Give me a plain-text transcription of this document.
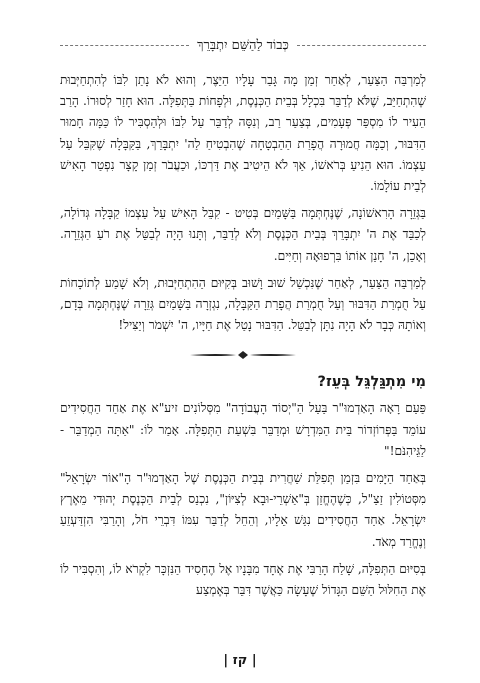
כְּבוֹד לַהַשֵּׁם יִתְבָּרֵךְ

לְמַרְבֵּה הַצַּעַר, לְאַחַר זְמַן מָה גָּבַר עָלָיו הַיֵּצֶר, וְהוּא לֹא נָתַן לִבּוֹ לְהִתְחַיְּבוּת שֶׁהִתְחַיֵּב, שֶׁלֹּא לְדַבֵּר בִּכְלָל בְּבֵית הַכְּנֶסֶת, וּלְפָחוֹת בַּתְּפִלָּה. הוּא חָזַר לְסוּרוֹ. הָרַב הֵעִיר לוֹ מִסְפַּר פְּעָמִים, בְּצַעַר רַב, וְנִסָּה לְדַבֵּר עַל לִבּוֹ וּלְהַסְבִּיר לוֹ כַּמָּה חָמוּר הַדִּבּוּר, וְכַמָּה חֲמוּרָה הֲפָרַת הַהַבְטָחָה שֶׁהִבְטִיחַ לַה' יִתְבָּרֵךְ, בַּקַּבָּלָה שֶׁקִּבֵּל עַל עַצְמוֹ. הוּא הֵנִיעַ בְּרֹאשׁוֹ, אַךְ לֹא הֵיטִיב אֶת דַּרְכּוֹ, וּכַעֲבֹר זְמַן קָצָר נִפְטַר הָאִישׁ לְבֵית עוֹלָמוֹ.

בַּגְּזֵרָה הָרִאשׁוֹנָה, שֶׁנֶּחְתְּמָה בַּשָּׁמַיִם בְּטִיט - קִבֵּל הָאִישׁ עַל עַצְמוֹ קַבָּלָה גְּדוֹלָה, לְכַבֵּד אֶת ה' יִתְבָּרֵךְ בְּבֵית הַכְּנֶסֶת וְלֹא לְדַבֵּר, וְתָּנוּ הָיָה לְבַטֵּל אֶת רֹעַ הַגְּזֵרָה. וְאָכֵן, ה' חָנַן אוֹתוֹ בִּרְפוּאָה וְחַיִּים.

לְמַרְבֵּה הַצַּעַר, לְאַחַר שֶׁנִּכְשַׁל שׁוּב וָשׁוּב בְּקִיּוּם הַהִתְחַיְּבוּת, וְלֹא שָׁמַע לְתוֹכָחוֹת עַל חֻמְרַת הַדִּבּוּר וְעַל חֻמְרַת הֲפָרַת הַקַּבָּלָה, נִגְזְרָה בַּשָּׁמַיִם גְּזֵרָה שֶׁנֶּחְתְּמָה בְּדָם, וְאוֹתָהּ כְּבָר לֹא הָיָה נִתָּן לְבַטֵּל. הַדִּבּוּר נָטַל אֶת חַיָּיו, ה' יִשְׁמֹר וְיַצִּיל!

מִי מִתְגַּלְגֵּל בְּעֵז?

פַּעַם רָאָה הָאַדְמוּ"ר בַּעַל הַ"יְסוֹד הָעֲבוֹדָה" מִסְּלוֹנִים זיע"א אֶת אַחַד הַחֲסִידִים עוֹמֵד בַּפְּרוֹזְדוֹר בֵּית הַמִּדְרָשׁ וּמְדַבֵּר בִּשְׁעַת הַתְּפִלָּה. אָמַר לוֹ: "אַתָּה הַמְדַבֵּר - לַגֵּיהִנֹּם!"

בְּאַחַד הַיָּמִים בִּזְמַן תְּפִלַּת שַׁחֲרִית בְּבֵית הַכְּנֶסֶת שֶׁל הָאַדְמוּ"ר הָ"אוֹר יִשְׂרָאֵל" מִסְּטוֹלִין זַצַ"ל, כְּשֶׁהֶחֱזַן בְּ"אַשְׁרֵי-וּבָא לְצִיּוֹן", נִכְנַס לְבֵית הַכְּנֶסֶת יְהוּדִי מֵאֶרֶץ יִשְׂרָאֵל. אַחַד הַחֲסִידִים נִגַּשׁ אֵלָיו, וְהֵחֵל לְדַבֵּר עִמּוֹ דִּבְרֵי חֹל, וְהָרַבִּי הִזְדַּעְזֵעַ וְנֶחֱרַד מְאֹד.

בְּסִיּוּם הַתְּפִלָּה, שָׁלַח הָרַבִּי אֶת אֶחָד מִבָּנָיו אֶל הֶחָסִיד הַנִּזְכָּר לִקְרֹא לוֹ, וְהִסְבִּיר לוֹ אֶת הַחִלּוּל הַשֵּׁם הַגָּדוֹל שֶׁעָשָׂה כַּאֲשֶׁר דִּבֵּר בְּאֶמְצַע

| קז |
